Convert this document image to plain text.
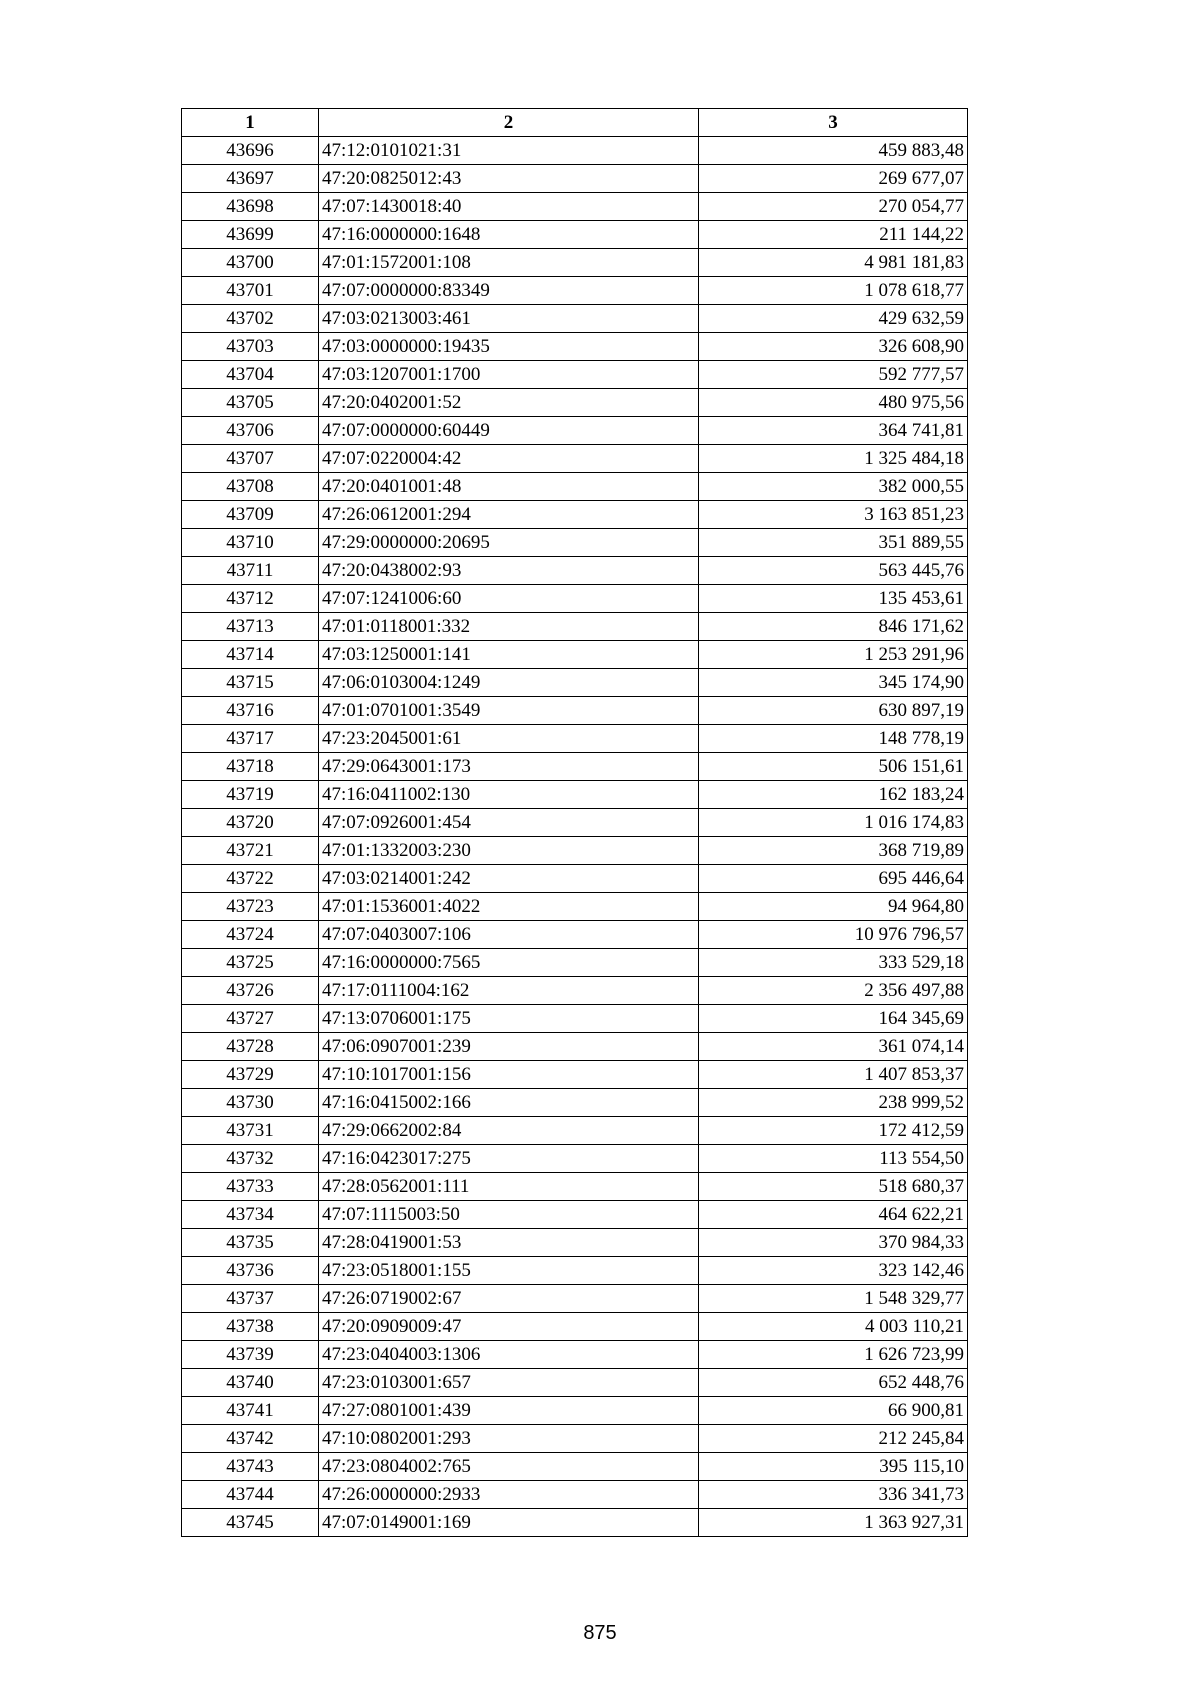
1	2	3
43696	47:12:0101021:31	459 883,48
43697	47:20:0825012:43	269 677,07
43698	47:07:1430018:40	270 054,77
43699	47:16:0000000:1648	211 144,22
43700	47:01:1572001:108	4 981 181,83
43701	47:07:0000000:83349	1 078 618,77
43702	47:03:0213003:461	429 632,59
43703	47:03:0000000:19435	326 608,90
43704	47:03:1207001:1700	592 777,57
43705	47:20:0402001:52	480 975,56
43706	47:07:0000000:60449	364 741,81
43707	47:07:0220004:42	1 325 484,18
43708	47:20:0401001:48	382 000,55
43709	47:26:0612001:294	3 163 851,23
43710	47:29:0000000:20695	351 889,55
43711	47:20:0438002:93	563 445,76
43712	47:07:1241006:60	135 453,61
43713	47:01:0118001:332	846 171,62
43714	47:03:1250001:141	1 253 291,96
43715	47:06:0103004:1249	345 174,90
43716	47:01:0701001:3549	630 897,19
43717	47:23:2045001:61	148 778,19
43718	47:29:0643001:173	506 151,61
43719	47:16:0411002:130	162 183,24
43720	47:07:0926001:454	1 016 174,83
43721	47:01:1332003:230	368 719,89
43722	47:03:0214001:242	695 446,64
43723	47:01:1536001:4022	94 964,80
43724	47:07:0403007:106	10 976 796,57
43725	47:16:0000000:7565	333 529,18
43726	47:17:0111004:162	2 356 497,88
43727	47:13:0706001:175	164 345,69
43728	47:06:0907001:239	361 074,14
43729	47:10:1017001:156	1 407 853,37
43730	47:16:0415002:166	238 999,52
43731	47:29:0662002:84	172 412,59
43732	47:16:0423017:275	113 554,50
43733	47:28:0562001:111	518 680,37
43734	47:07:1115003:50	464 622,21
43735	47:28:0419001:53	370 984,33
43736	47:23:0518001:155	323 142,46
43737	47:26:0719002:67	1 548 329,77
43738	47:20:0909009:47	4 003 110,21
43739	47:23:0404003:1306	1 626 723,99
43740	47:23:0103001:657	652 448,76
43741	47:27:0801001:439	66 900,81
43742	47:10:0802001:293	212 245,84
43743	47:23:0804002:765	395 115,10
43744	47:26:0000000:2933	336 341,73
43745	47:07:0149001:169	1 363 927,31
875
